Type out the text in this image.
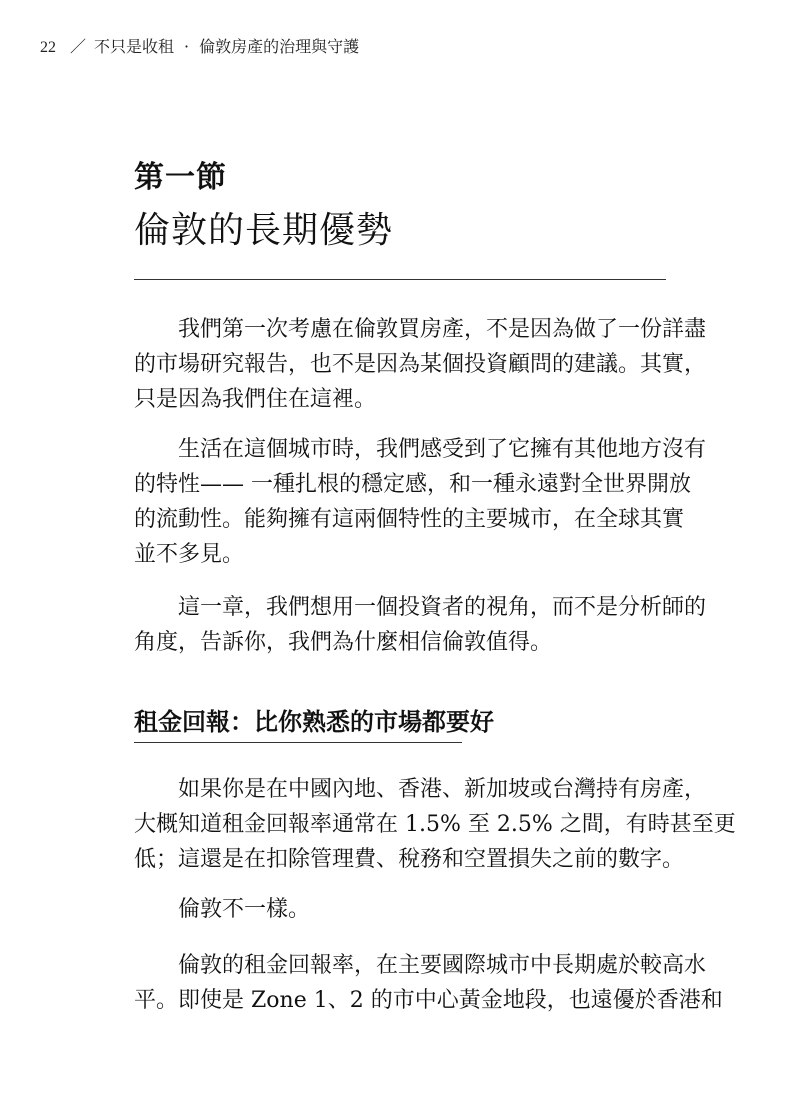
22 ／ 不只是收租 · 倫敦房產的治理與守護
第一節
倫敦的長期優勢

我們第一次考慮在倫敦買房產，不是因為做了一份詳盡
的市場研究報告，也不是因為某個投資顧問的建議。其實，
只是因為我們住在這裡。

生活在這個城市時，我們感受到了它擁有其他地方沒有
的特性—— 一種扎根的穩定感，和一種永遠對全世界開放
的流動性。能夠擁有這兩個特性的主要城市，在全球其實
並不多見。

這一章，我們想用一個投資者的視角，而不是分析師的
角度，告訴你，我們為什麼相信倫敦值得。

租金回報：比你熟悉的市場都要好

如果你是在中國內地、香港、新加坡或台灣持有房產，
大概知道租金回報率通常在 1.5% 至 2.5% 之間，有時甚至更
低；這還是在扣除管理費、稅務和空置損失之前的數字。

倫敦不一樣。

倫敦的租金回報率，在主要國際城市中長期處於較高水
平。即使是 Zone 1、2 的市中心黃金地段，也遠優於香港和
